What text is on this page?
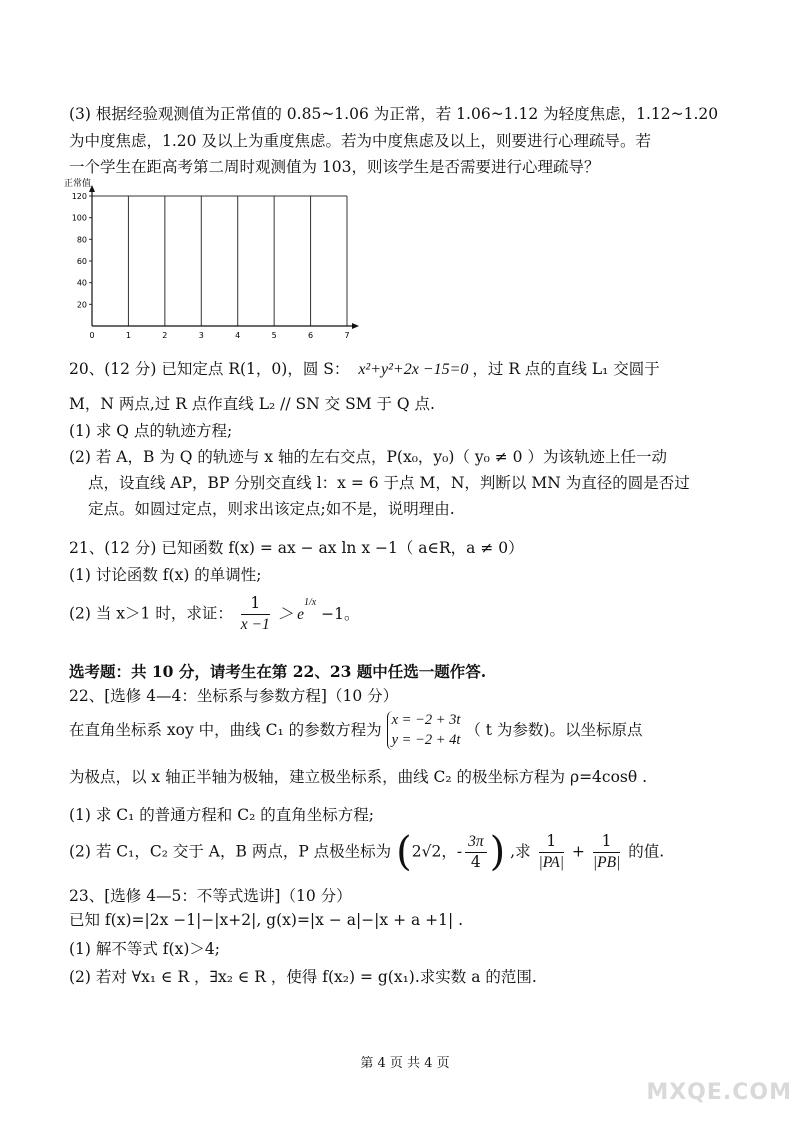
(3) 根据经验观测值为正常值的 0.85~1.06 为正常，若 1.06~1.12 为轻度焦虑，1.12~1.20
为中度焦虑，1.20 及以上为重度焦虑。若为中度焦虑及以上，则要进行心理疏导。若
一个学生在距高考第二周时观测值为 103，则该学生是否需要进行心理疏导？
正常值
0	1	2	3	4	5	6	7
20
40
60
80
100
120
20、(12 分) 已知定点 R(1，0)，圆 S： x²+y²+2x −15=0 ，过 R 点的直线 L₁ 交圆于
M，N 两点,过 R 点作直线 L₂ // SN 交 SM 于 Q 点.
(1) 求 Q 点的轨迹方程;
(2) 若 A，B 为 Q 的轨迹与 x 轴的左右交点，P(x₀，y₀)（ y₀ ≠ 0 ）为该轨迹上任一动
点，设直线 AP，BP 分别交直线 l：x = 6 于点 M，N，判断以 MN 为直径的圆是否过
定点。如圆过定点，则求出该定点;如不是，说明理由.
21、(12 分) 已知函数 f(x) = ax − ax ln x −1（ a∈R，a ≠ 0）
(1) 讨论函数 f(x) 的单调性;
(2) 当 x＞1 时，求证： $\frac{1}{x -1} > e^{1/x} -1$。
选考题：共 10 分，请考生在第 22、23 题中任选一题作答.
22、[选修 4—4：坐标系与参数方程]（10 分）
在直角坐标系 xoy 中，曲线 C₁ 的参数方程为 x = −2 + 3t
y = −2 + 4t （ t 为参数)。以坐标原点
为极点，以 x 轴正半轴为极轴，建立极坐标系，曲线 C₂ 的极坐标方程为 ρ=4cosθ .
(1) 求 C₁ 的普通方程和 C₂ 的直角坐标方程;
(2) 若 C₁，C₂ 交于 A，B 两点，P 点极坐标为 (2√2，- $\frac{3\pi}{4}$ ) ,求 $\frac{1}{|PA|} + \frac{1}{|PB|}$ 的值.
23、[选修 4—5：不等式选讲]（10 分）
已知 f(x)=|2x −1|−|x+2|, g(x)=|x − a|−|x + a +1| .
(1) 解不等式 f(x)＞4;
(2) 若对 ∀x₁ ∈ R ，∃x₂ ∈ R ，使得 f(x₂) = g(x₁).求实数 a 的范围.
第 4 页 共 4 页
MXQE.COM
